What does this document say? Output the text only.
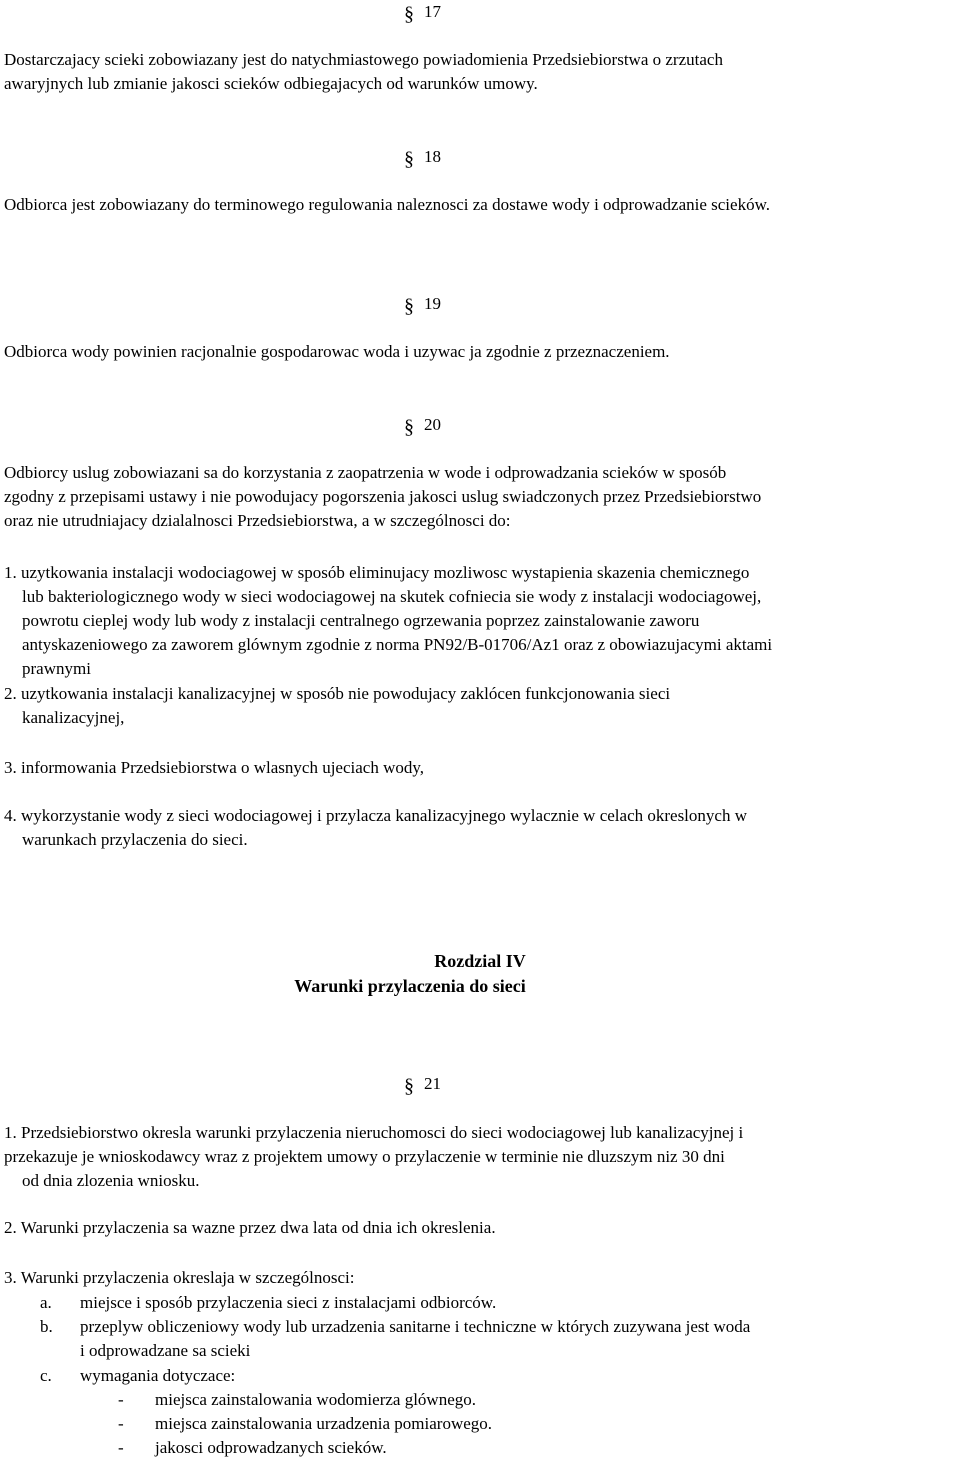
§ 17
Dostarczajacy scieki zobowiazany jest do natychmiastowego powiadomienia Przedsiebiorstwa o zrzutach
awaryjnych lub zmianie jakosci scieków odbiegajacych od warunków umowy.
§ 18
Odbiorca jest zobowiazany do terminowego regulowania naleznosci za dostawe wody i odprowadzanie scieków.
§ 19
Odbiorca wody powinien racjonalnie gospodarowac woda i uzywac ja zgodnie z przeznaczeniem.
§ 20
Odbiorcy uslug zobowiazani sa do korzystania z zaopatrzenia w wode i odprowadzania scieków w sposób
zgodny z przepisami ustawy i nie powodujacy pogorszenia jakosci uslug swiadczonych przez Przedsiebiorstwo
oraz nie utrudniajacy dzialalnosci Przedsiebiorstwa, a w szczególnosci do:
1. uzytkowania instalacji wodociagowej w sposób eliminujacy mozliwosc wystapienia skazenia chemicznego
lub bakteriologicznego wody w sieci wodociagowej na skutek cofniecia sie wody z instalacji wodociagowej,
powrotu cieplej wody lub wody z instalacji centralnego ogrzewania poprzez zainstalowanie zaworu
antyskazeniowego za zaworem glównym zgodnie z norma PN92/B-01706/Az1 oraz z obowiazujacymi aktami
prawnymi
2. uzytkowania instalacji kanalizacyjnej w sposób nie powodujacy zaklócen funkcjonowania sieci
kanalizacyjnej,
3. informowania Przedsiebiorstwa o wlasnych ujeciach wody,
4. wykorzystanie wody z sieci wodociagowej i przylacza kanalizacyjnego wylacznie w celach okreslonych w
warunkach przylaczenia do sieci.
Rozdzial IV
Warunki przylaczenia do sieci
§ 21
1. Przedsiebiorstwo okresla warunki przylaczenia nieruchomosci do sieci wodociagowej lub kanalizacyjnej i
przekazuje je wnioskodawcy wraz z projektem umowy o przylaczenie w terminie nie dluzszym niz 30 dni
od dnia zlozenia wniosku.
2. Warunki przylaczenia sa wazne przez dwa lata od dnia ich okreslenia.
3. Warunki przylaczenia okreslaja w szczególnosci:
a. miejsce i sposób przylaczenia sieci z instalacjami odbiorców.
b. przeplyw obliczeniowy wody lub urzadzenia sanitarne i techniczne w których zuzywana jest woda
i odprowadzane sa scieki
c. wymagania dotyczace:
- miejsca zainstalowania wodomierza glównego.
- miejsca zainstalowania urzadzenia pomiarowego.
- jakosci odprowadzanych scieków.
